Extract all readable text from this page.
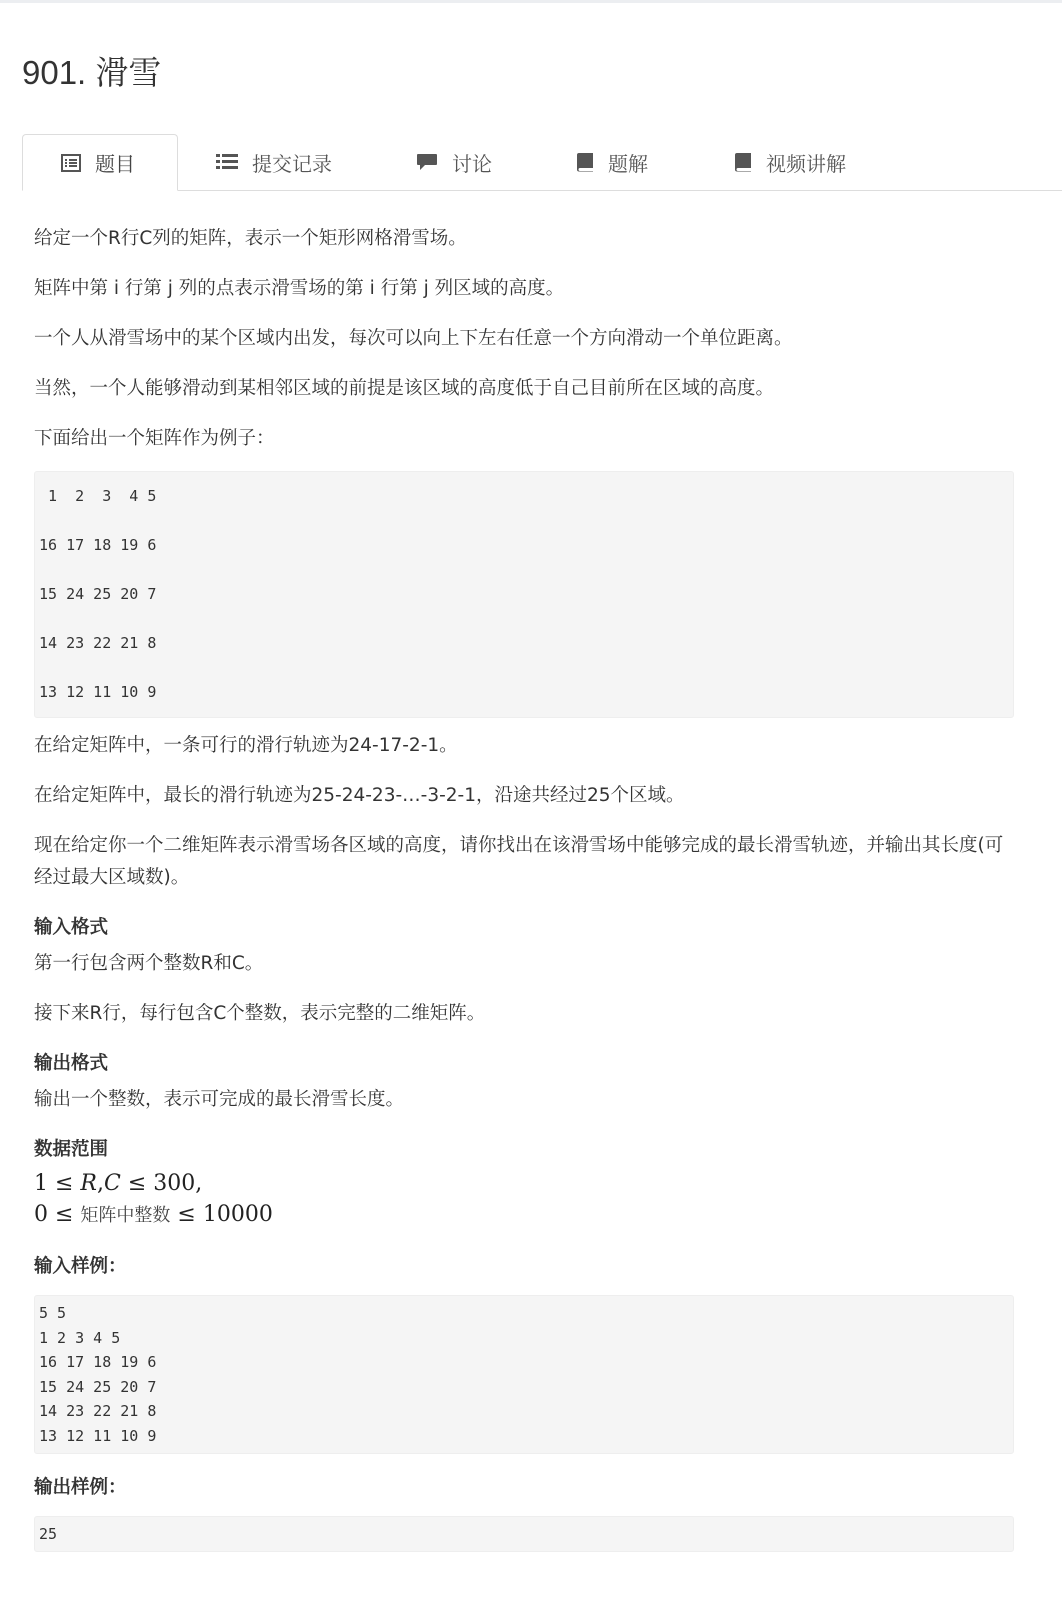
901. 滑雪
题目	提交记录	讨论	题解	视频讲解

给定一个R行C列的矩阵，表示一个矩形网格滑雪场。

矩阵中第 i 行第 j 列的点表示滑雪场的第 i 行第 j 列区域的高度。

一个人从滑雪场中的某个区域内出发，每次可以向上下左右任意一个方向滑动一个单位距离。

当然，一个人能够滑动到某相邻区域的前提是该区域的高度低于自己目前所在区域的高度。

下面给出一个矩阵作为例子：

1  2  3  4 5
16 17 18 19 6
15 24 25 20 7
14 23 22 21 8
13 12 11 10 9

在给定矩阵中，一条可行的滑行轨迹为24-17-2-1。

在给定矩阵中，最长的滑行轨迹为25-24-23-…-3-2-1，沿途共经过25个区域。

现在给定你一个二维矩阵表示滑雪场各区域的高度，请你找出在该滑雪场中能够完成的最长滑雪轨迹，并输出其长度(可经过最大区域数)。

输入格式

第一行包含两个整数R和C。

接下来R行，每行包含C个整数，表示完整的二维矩阵。

输出格式

输出一个整数，表示可完成的最长滑雪长度。

数据范围
1 ≤ R,C ≤ 300,
0 ≤ 矩阵中整数 ≤ 10000
输入样例：
5 5
1 2 3 4 5
16 17 18 19 6
15 24 25 20 7
14 23 22 21 8
13 12 11 10 9
输出样例：
25
